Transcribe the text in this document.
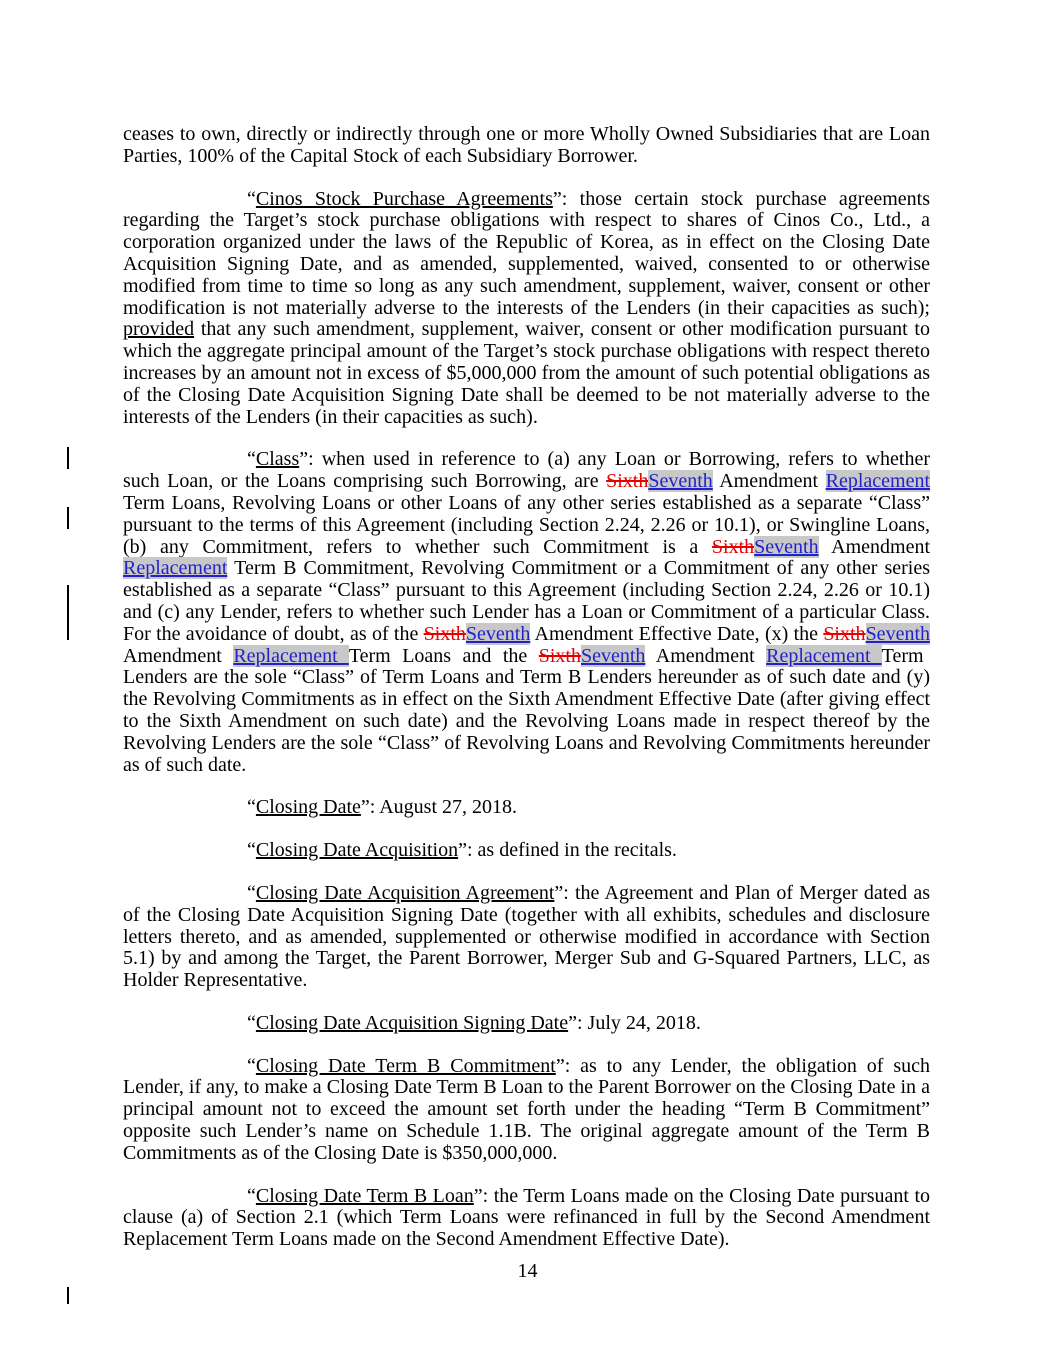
ceases to own, directly or indirectly through one or more Wholly Owned Subsidiaries that are Loan Parties, 100% of the Capital Stock of each Subsidiary Borrower.

“Cinos Stock Purchase Agreements”: those certain stock purchase agreements regarding the Target’s stock purchase obligations with respect to shares of Cinos Co., Ltd., a corporation organized under the laws of the Republic of Korea, as in effect on the Closing Date Acquisition Signing Date, and as amended, supplemented, waived, consented to or otherwise modified from time to time so long as any such amendment, supplement, waiver, consent or other modification is not materially adverse to the interests of the Lenders (in their capacities as such); provided that any such amendment, supplement, waiver, consent or other modification pursuant to which the aggregate principal amount of the Target’s stock purchase obligations with respect thereto increases by an amount not in excess of $5,000,000 from the amount of such potential obligations as of the Closing Date Acquisition Signing Date shall be deemed to be not materially adverse to the interests of the Lenders (in their capacities as such).

“Class”: when used in reference to (a) any Loan or Borrowing, refers to whether such Loan, or the Loans comprising such Borrowing, are SixthSeventh Amendment Replacement Term Loans, Revolving Loans or other Loans of any other series established as a separate “Class” pursuant to the terms of this Agreement (including Section 2.24, 2.26 or 10.1), or Swingline Loans, (b) any Commitment, refers to whether such Commitment is a SixthSeventh Amendment Replacement Term B Commitment, Revolving Commitment or a Commitment of any other series established as a separate “Class” pursuant to this Agreement (including Section 2.24, 2.26 or 10.1) and (c) any Lender, refers to whether such Lender has a Loan or Commitment of a particular Class. For the avoidance of doubt, as of the SixthSeventh Amendment Effective Date, (x) the SixthSeventh Amendment Replacement Term Loans and the SixthSeventh Amendment Replacement Term Lenders are the sole “Class” of Term Loans and Term B Lenders hereunder as of such date and (y) the Revolving Commitments as in effect on the Sixth Amendment Effective Date (after giving effect to the Sixth Amendment on such date) and the Revolving Loans made in respect thereof by the Revolving Lenders are the sole “Class” of Revolving Loans and Revolving Commitments hereunder as of such date.

“Closing Date”: August 27, 2018.

“Closing Date Acquisition”: as defined in the recitals.

“Closing Date Acquisition Agreement”: the Agreement and Plan of Merger dated as of the Closing Date Acquisition Signing Date (together with all exhibits, schedules and disclosure letters thereto, and as amended, supplemented or otherwise modified in accordance with Section 5.1) by and among the Target, the Parent Borrower, Merger Sub and G-Squared Partners, LLC, as Holder Representative.

“Closing Date Acquisition Signing Date”: July 24, 2018.

“Closing Date Term B Commitment”: as to any Lender, the obligation of such Lender, if any, to make a Closing Date Term B Loan to the Parent Borrower on the Closing Date in a principal amount not to exceed the amount set forth under the heading “Term B Commitment” opposite such Lender’s name on Schedule 1.1B. The original aggregate amount of the Term B Commitments as of the Closing Date is $350,000,000.

“Closing Date Term B Loan”: the Term Loans made on the Closing Date pursuant to clause (a) of Section 2.1 (which Term Loans were refinanced in full by the Second Amendment Replacement Term Loans made on the Second Amendment Effective Date).

14
